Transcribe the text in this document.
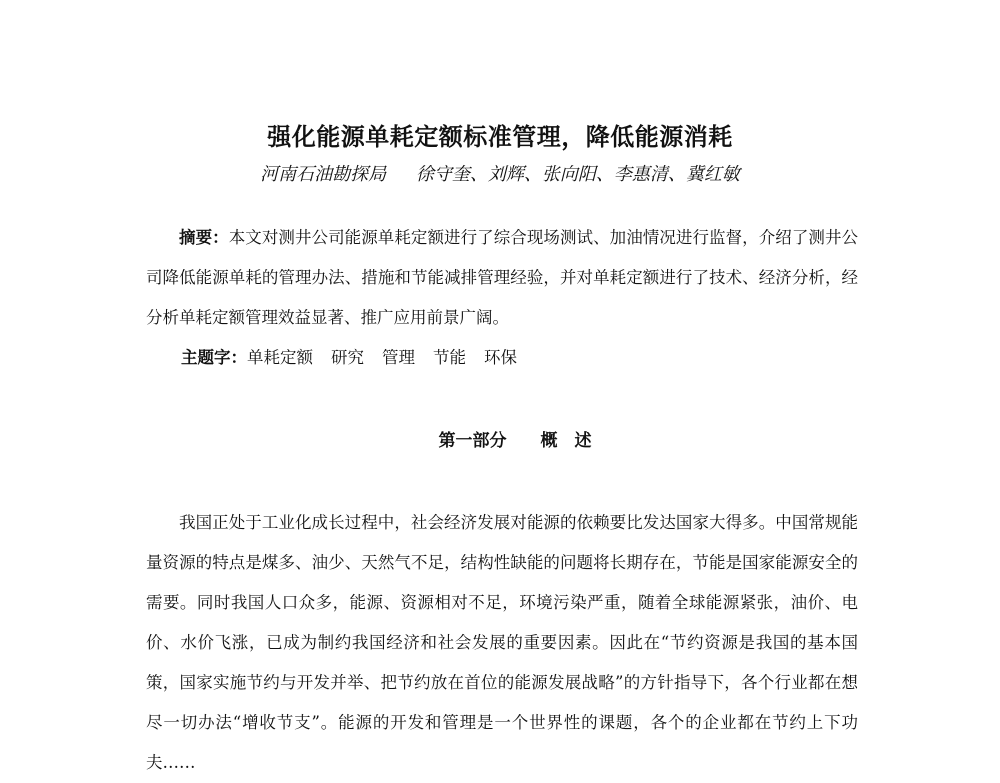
强化能源单耗定额标准管理，降低能源消耗
河南石油勘探局 徐守奎、刘辉、张向阳、李惠清、冀红敏

摘要：本文对测井公司能源单耗定额进行了综合现场测试、加油情况进行监督，介绍了测井公司降低能源单耗的管理办法、措施和节能减排管理经验，并对单耗定额进行了技术、经济分析，经分析单耗定额管理效益显著、推广应用前景广阔。

主题字：单耗定额 研究 管理 节能 环保
第一部分 概　述

我国正处于工业化成长过程中，社会经济发展对能源的依赖要比发达国家大得多。中国常规能量资源的特点是煤多、油少、天然气不足，结构性缺能的问题将长期存在，节能是国家能源安全的需要。同时我国人口众多，能源、资源相对不足，环境污染严重，随着全球能源紧张，油价、电价、水价飞涨，已成为制约我国经济和社会发展的重要因素。因此在“节约资源是我国的基本国策，国家实施节约与开发并举、把节约放在首位的能源发展战略”的方针指导下，各个行业都在想尽一切办法“增收节支”。能源的开发和管理是一个世界性的课题，各个的企业都在节约上下功夫……
